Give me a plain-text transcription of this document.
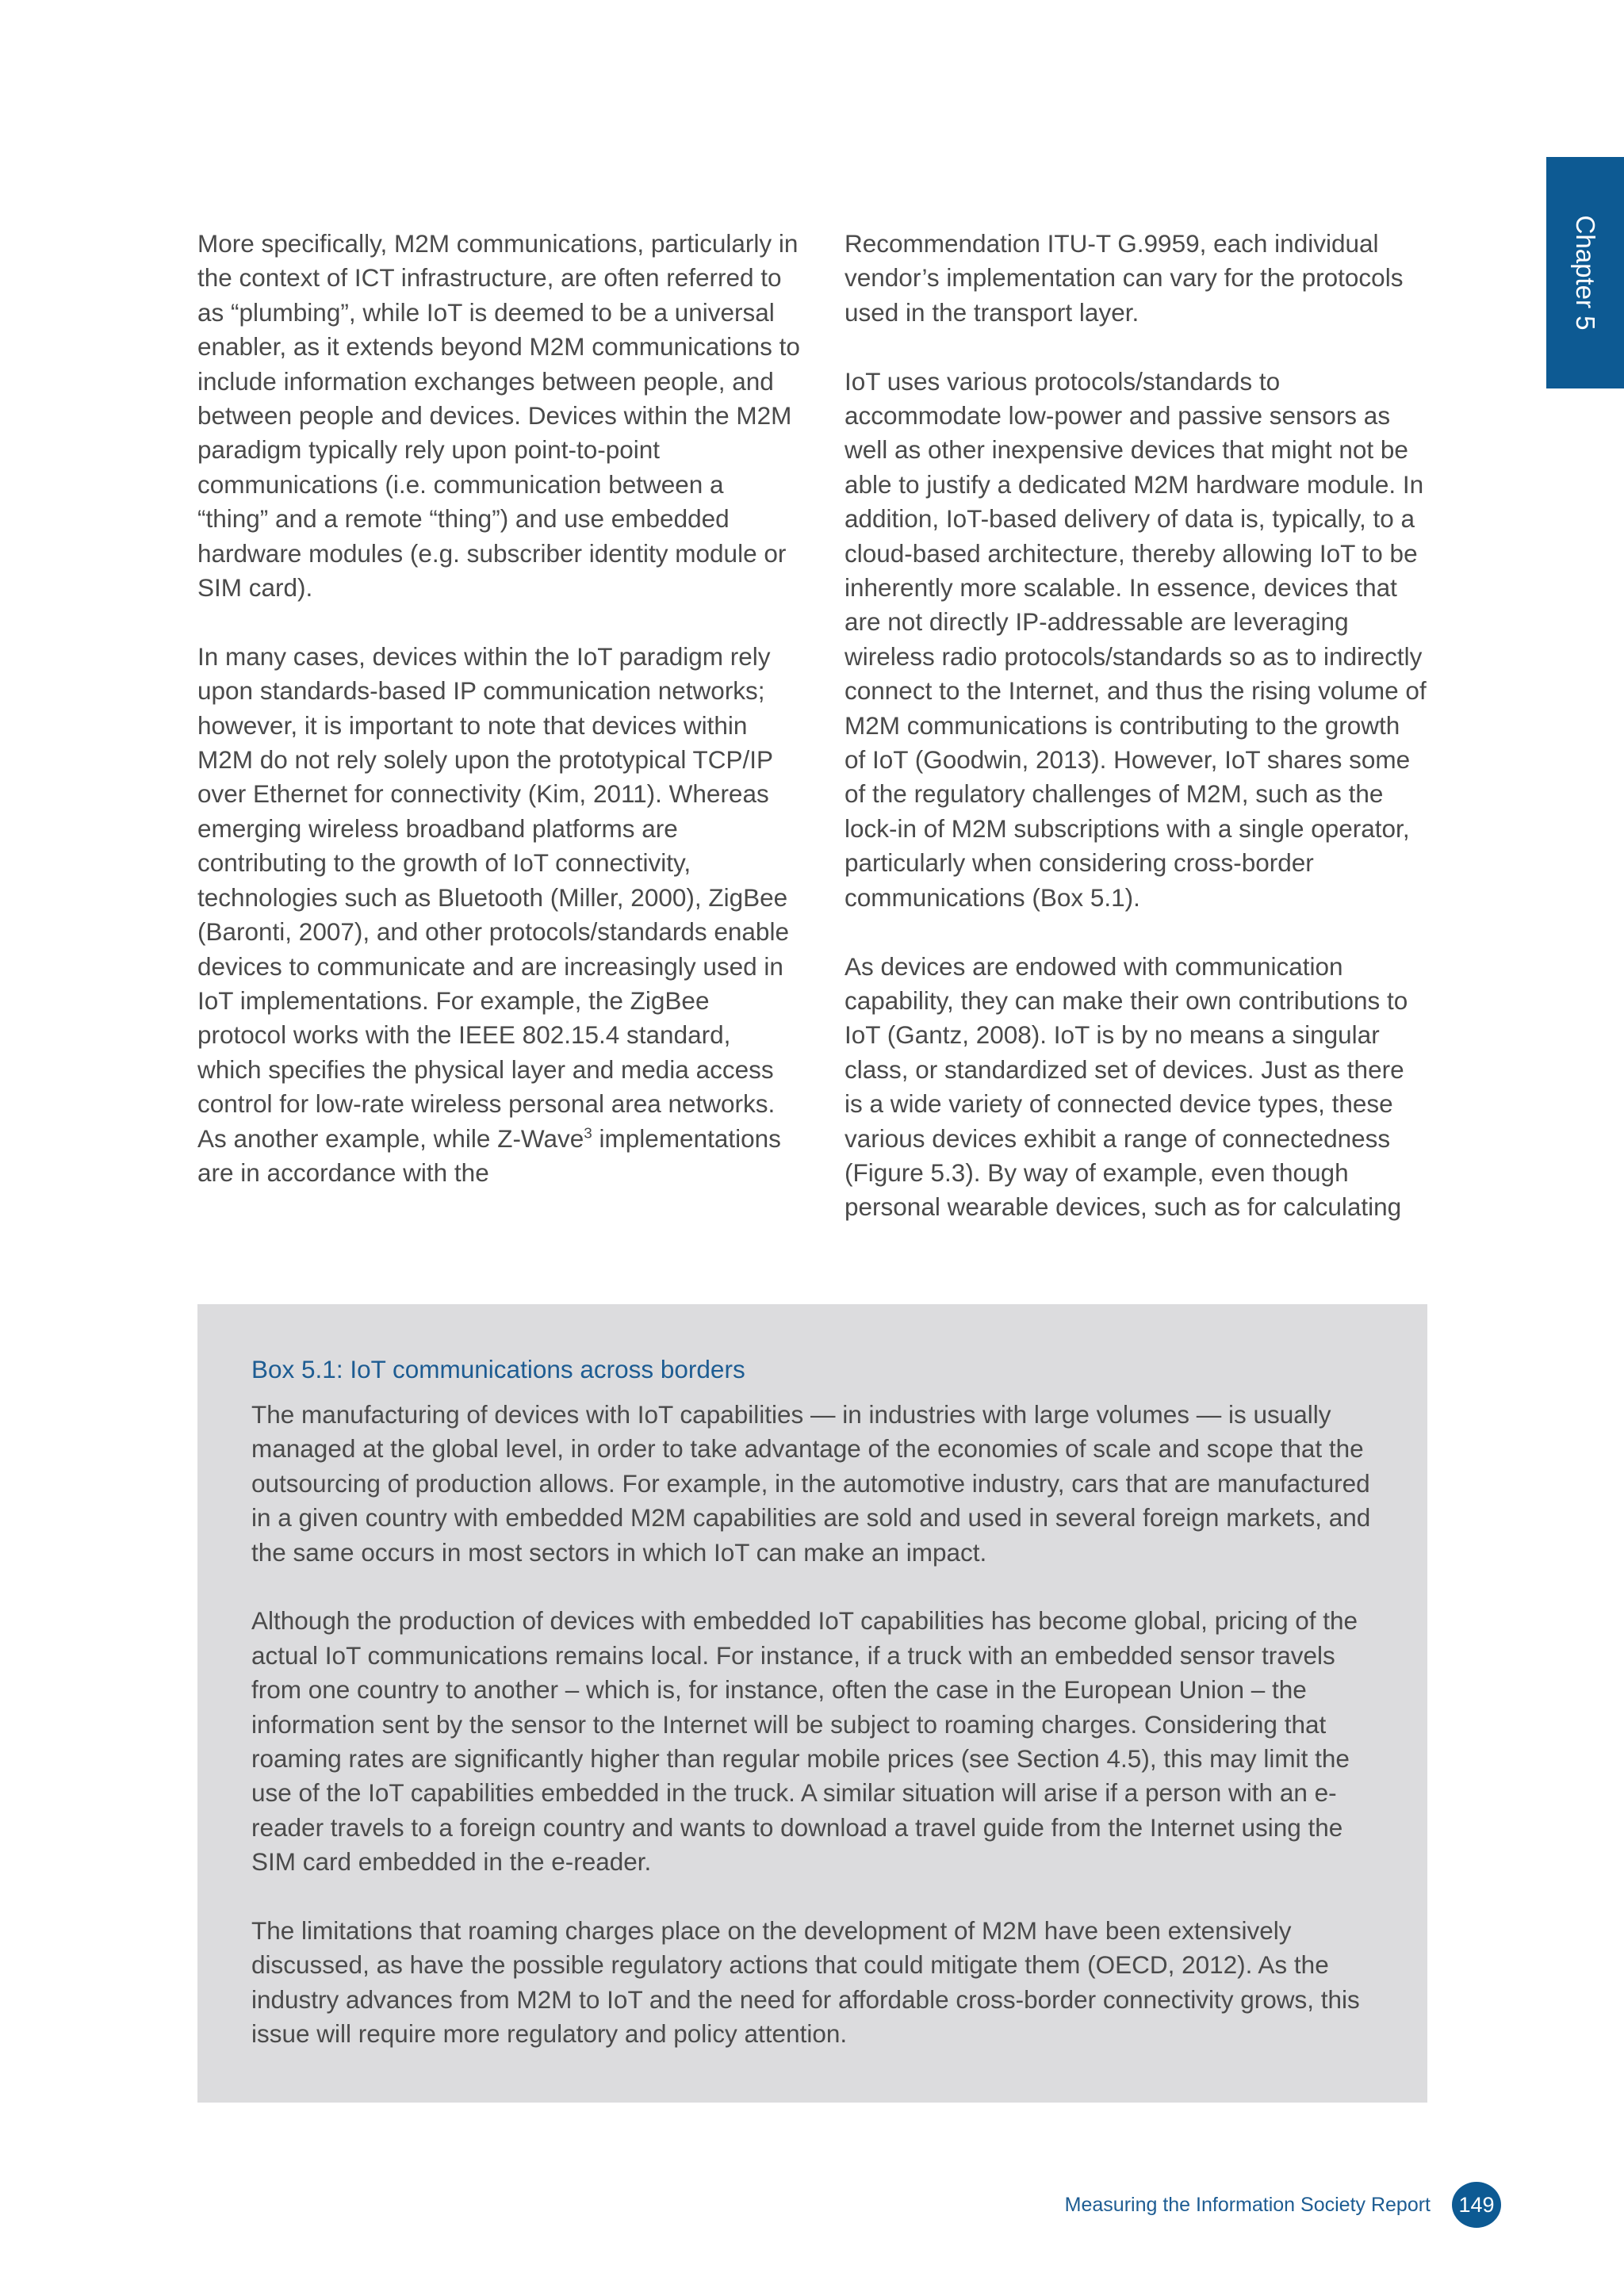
Chapter 5

More specifically, M2M communications, particularly in the context of ICT infrastructure, are often referred to as “plumbing”, while IoT is deemed to be a universal enabler, as it extends beyond M2M communications to include information exchanges between people, and between people and devices. Devices within the M2M paradigm typically rely upon point-to-point communications (i.e. communication between a “thing” and a remote “thing”) and use embedded hardware modules (e.g. subscriber identity module or SIM card).

In many cases, devices within the IoT paradigm rely upon standards-based IP communication networks; however, it is important to note that devices within M2M do not rely solely upon the prototypical TCP/IP over Ethernet for connectivity (Kim, 2011). Whereas emerging wireless broadband platforms are contributing to the growth of IoT connectivity, technologies such as Bluetooth (Miller, 2000), ZigBee (Baronti, 2007), and other protocols/standards enable devices to communicate and are increasingly used in IoT implementations. For example, the ZigBee protocol works with the IEEE 802.15.4 standard, which specifies the physical layer and media access control for low-rate wireless personal area networks. As another example, while Z-Wave$^3$ implementations are in accordance with the

Recommendation ITU-T G.9959, each individual vendor’s implementation can vary for the protocols used in the transport layer.

IoT uses various protocols/standards to accommodate low-power and passive sensors as well as other inexpensive devices that might not be able to justify a dedicated M2M hardware module. In addition, IoT-based delivery of data is, typically, to a cloud-based architecture, thereby allowing IoT to be inherently more scalable. In essence, devices that are not directly IP-addressable are leveraging wireless radio protocols/standards so as to indirectly connect to the Internet, and thus the rising volume of M2M communications is contributing to the growth of IoT (Goodwin, 2013). However, IoT shares some of the regulatory challenges of M2M, such as the lock-in of M2M subscriptions with a single operator, particularly when considering cross-border communications (Box 5.1).

As devices are endowed with communication capability, they can make their own contributions to IoT (Gantz, 2008). IoT is by no means a singular class, or standardized set of devices. Just as there is a wide variety of connected device types, these various devices exhibit a range of connectedness (Figure 5.3). By way of example, even though personal wearable devices, such as for calculating

Box 5.1: IoT communications across borders

The manufacturing of devices with IoT capabilities — in industries with large volumes — is usually managed at the global level, in order to take advantage of the economies of scale and scope that the outsourcing of production allows. For example, in the automotive industry, cars that are manufactured in a given country with embedded M2M capabilities are sold and used in several foreign markets, and the same occurs in most sectors in which IoT can make an impact.

Although the production of devices with embedded IoT capabilities has become global, pricing of the actual IoT communications remains local. For instance, if a truck with an embedded sensor travels from one country to another – which is, for instance, often the case in the European Union – the information sent by the sensor to the Internet will be subject to roaming charges. Considering that roaming rates are significantly higher than regular mobile prices (see Section 4.5), this may limit the use of the IoT capabilities embedded in the truck. A similar situation will arise if a person with an e-reader travels to a foreign country and wants to download a travel guide from the Internet using the SIM card embedded in the e-reader.

The limitations that roaming charges place on the development of M2M have been extensively discussed, as have the possible regulatory actions that could mitigate them (OECD, 2012). As the industry advances from M2M to IoT and the need for affordable cross-border connectivity grows, this issue will require more regulatory and policy attention.

Measuring the Information Society Report	149
